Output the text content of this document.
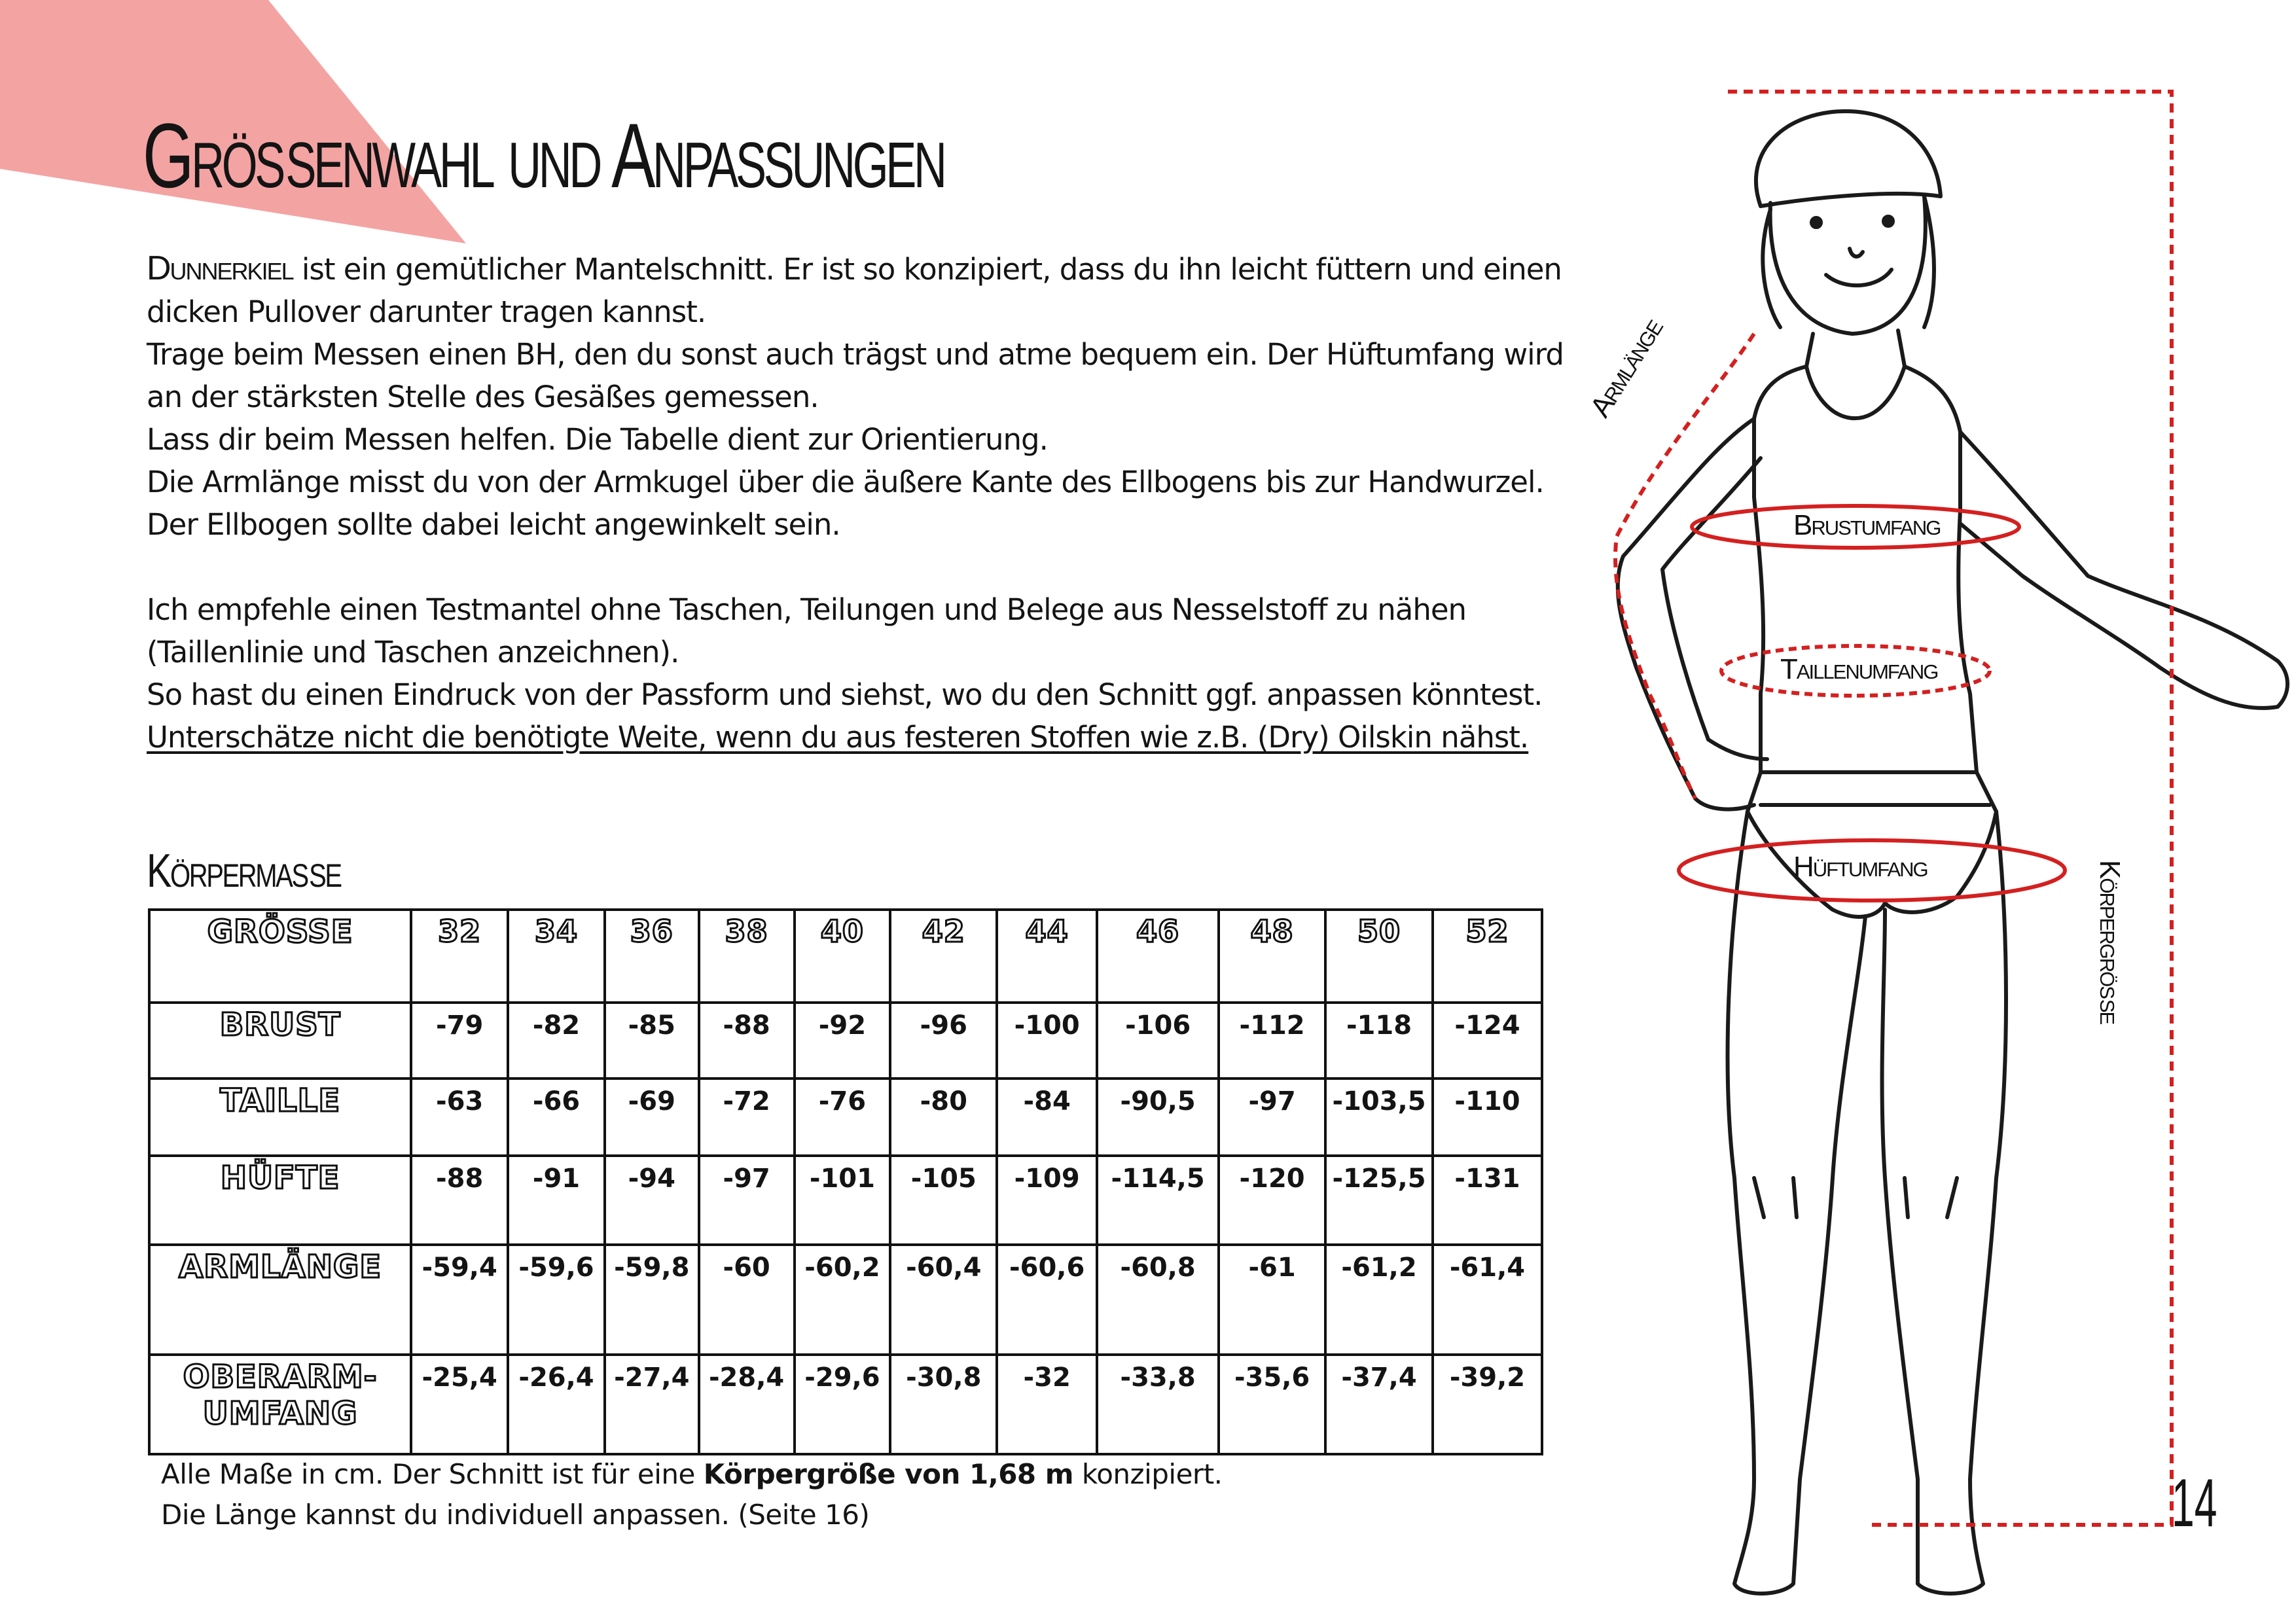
Größenwahl und Anpassungen

Dunnerkiel ist ein gemütlicher Mantelschnitt. Er ist so konzipiert, dass du ihn leicht füttern und einen dicken Pullover darunter tragen kannst.

Trage beim Messen einen BH, den du sonst auch trägst und atme bequem ein. Der Hüftumfang wird an der stärksten Stelle des Gesäßes gemessen.

Lass dir beim Messen helfen. Die Tabelle dient zur Orientierung.

Die Armlänge misst du von der Armkugel über die äußere Kante des Ellbogens bis zur Handwurzel. Der Ellbogen sollte dabei leicht angewinkelt sein.

Ich empfehle einen Testmantel ohne Taschen, Teilungen und Belege aus Nesselstoff zu nähen (Taillenlinie und Taschen anzeichnen).

So hast du einen Eindruck von der Passform und siehst, wo du den Schnitt ggf. anpassen könntest.

Unterschätze nicht die benötigte Weite, wenn du aus festeren Stoffen wie z.B. (Dry) Oilskin nähst.

Körpermaße
GRÖSSE	32	34	36	38	40	42	44	46	48	50	52
BRUST	-79	-82	-85	-88	-92	-96	-100	-106	-112	-118	-124
TAILLE	-63	-66	-69	-72	-76	-80	-84	-90,5	-97	-103,5	-110
HÜFTE	-88	-91	-94	-97	-101	-105	-109	-114,5	-120	-125,5	-131
ARMLÄNGE	-59,4	-59,6	-59,8	-60	-60,2	-60,4	-60,6	-60,8	-61	-61,2	-61,4
OBERARM-
UMFANG	-25,4	-26,4	-27,4	-28,4	-29,6	-30,8	-32	-33,8	-35,6	-37,4	-39,2

Alle Maße in cm. Der Schnitt ist für eine Körpergröße von 1,68 m konzipiert.

Die Länge kannst du individuell anpassen. (Seite 16)

Armlänge
Brustumfang
Taillenumfang
Hüftumfang	Körpergröße
14
